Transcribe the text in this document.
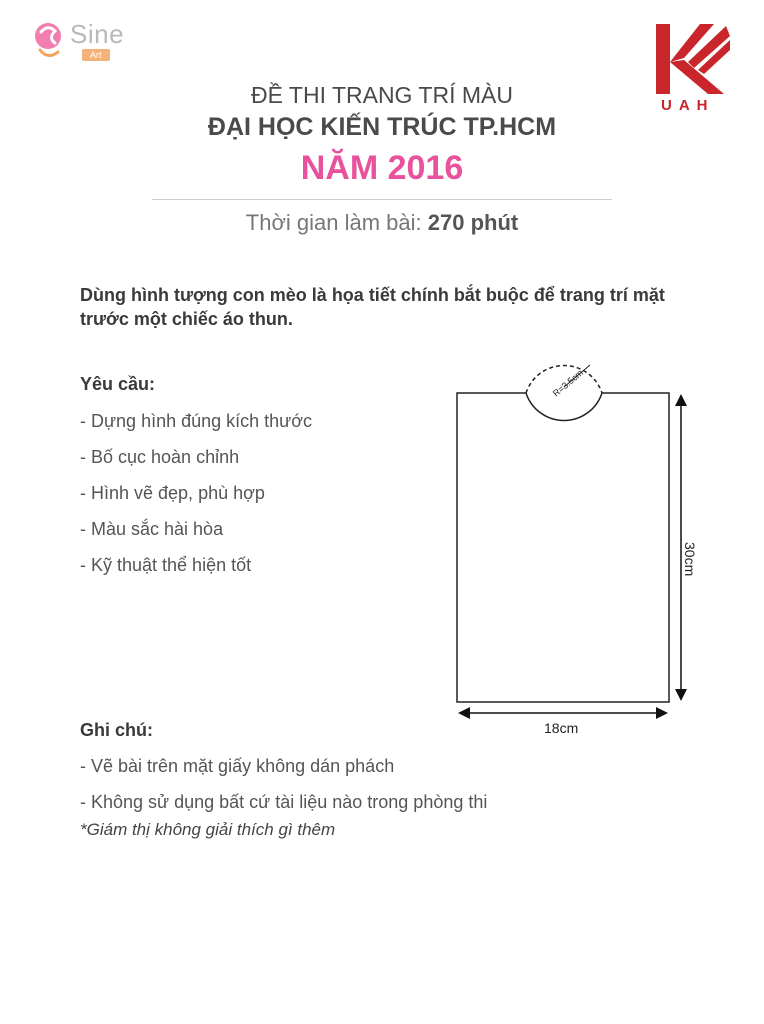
Sine
Art
UAH
ĐỀ THI TRANG TRÍ MÀU
ĐẠI HỌC KIẾN TRÚC TP.HCM
NĂM 2016
Thời gian làm bài: 270 phút
Dùng hình tượng con mèo là họa tiết chính bắt buộc để trang trí mặt trước một chiếc áo thun.
Yêu cầu:
- Dựng hình đúng kích thước
- Bố cục hoàn chỉnh
- Hình vẽ đẹp, phù hợp
- Màu sắc hài hòa
- Kỹ thuật thể hiện tốt
Ghi chú:
- Vẽ bài trên mặt giấy không dán phách
- Không sử dụng bất cứ tài liệu nào trong phòng thi
*Giám thị không giải thích gì thêm
R=3.5cm
30cm
18cm
